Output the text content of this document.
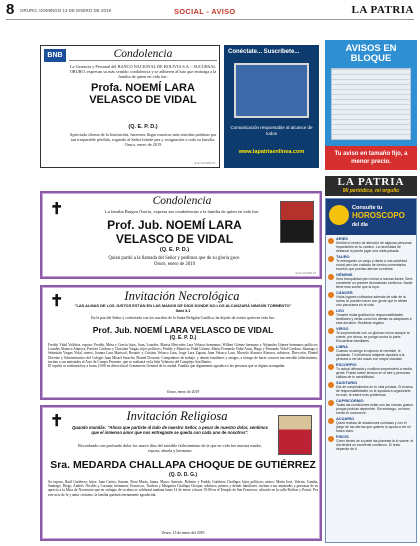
8 ORURO, DOMINGO 13 DE ENERO DE 2019	SOCIAL - AVISO	LA PATRIA
BNB	Condolencia
La Gerencia y Personal del BANCO NACIONAL DE BOLIVIA S.A. - SUCURSAL ORURO, expresan su más sentido condolencia y se adhieren al luto que embarga a la familia de quien en vida fue:
Profa. NOEMÍ LARA
VELASCO DE VIDAL
(Q. E. P. D.)
Apreciada clienta de la Institución, hacemos llegar nuestras más sentidas palabras por tan irreparable pérdida, rogando al Señor brinde paz y resignación a toda su familia.
Oruro, enero de 2019
E-97-W-008-73
Conéctate... Suscríbete...
Comunicación responsable al alcance de todos
www.lapatriaenlinea.com
AVISOS EN BLOQUE
Tu aviso en tamaño fijo, a menor precio.
LA PATRIA
Mi periódico, mi orgullo
Consulte tu
HOROSCOPO
del día
ARIES
Sentirá el centro de atención de algunas personas importantes en tu camino. La necesidad de destacar lo puede jugar una mala pasada.
TAURO
Te entregarán un cargo y darás a una actividad social pero tan cuidado de ciertos comentarios escritos que puedan afectar tu estima.
GÉMINIS
Será tranquilidad pero tomar a nuevas llaves. Será someterte un ponerte demostrado sentimos. Nadie tiene más suerte que la tuya.
CÁNCER
Vistía lugares cultivados además de salir de la rutina, te pueden hacer con gente que te afecte otro panorama en la vida.
LEO
Tomarte estas gratitud los responsabilidades familiares y verás como los demás se adaptarán a esta decisión. Recibirás regalos.
VIRGO
Te sorprenderás con un glorioso tonos aunque la suerte, por ahora, se ponga contra tu parte. Encuentran familiares.
LIBRA
Cuando un amigo en apuros te necesite, le ayudarás. Tu influencia relajante ayudará a la persona a ver las cosas con mayor claridad.
ESCORPIO
Tu actual ultimada y conflicto sorprenderá a media gente. Puede haber tensión en el aire y personas cálidas de tu sensibilidad.
SAGITARIO
Día de cumplimientos en tu vida privada. El exceso de responsabilidades no te ayudará a organizarte, es más, te traerá más problemas.
CAPRICORNIO
Todas las condiciones están con las nuevas gustos porque podrías deprimirte. Sin embargo, un buen medio te conmueve.
ACUARIO
Quizá recibas de situaciones confusas y con el juego de las sierras que quieres lo ayuda a ver mi futuro claro.
PISCIS
Como tienes de tu parte las planetas la lo suerte, el día tendrá un excelente comienzo. El resto depende de ti.
✝	Condolencia
La familia Burgoa Osorio, expresa sus condolencias a la familia de quien en vida fue:
Prof. Jub. NOEMÍ LARA
VELASCO DE VIDAL
(Q. E. P. D.)
Quien partió a la llamada del Señor y pedimos que de su gloria goce.
Oruro, enero de 2019
E-97-W-008-72
✝	Invitación Necrológica
"LAS ALMAS DE LOS JUSTOS ESTÁN EN LAS MANOS DE DIOS DONDE NO LOS ALCANZARÁ NINGÚN TORMENTO" Sabi 3.1
En la paz del Señor y confortada con los auxilios de la Santa Religión Católica, ha dejado de existir quien en vida fue:
Prof. Jub. NOEMÍ LARA VELASCO DE VIDAL
(Q. E. P. D.)
Freddy Vidal Valdivia, esposo; Freddy, Mirta y Grecia hijos, Joan, Lourdes, Marisa Mercedes Lara Velasco hermanos; Wilbert Gómez hermano y Alejandro Gómez hermanos políticos; Lourdes Alanoca Alanoca, Patricia Cardozo y Christian Vargas, hijos políticos; Freddy y Mauricio Vidal Gómez, Mario Fernando Vidal Arias, Hugo y Fernando Vidal Cardozo, Santiago y Sebastián Vargas Vidal, nietos; Joanna Lara Mariscal, Rosario y Cristina Velasco Lara, Jorge Lara Zapata, Juan Velasco Lara, Marcela Alanoca Alanoca, sobrinos; Dirección, Plantel Docente y Administrativo del Colegio Juan Misael Saracho, Plantel Docente, Compañeros de trabajo, y demás familiares y amigos, a tiempo de hacer conocer tan sensible fallecimiento, invitan a sus amistades al Acto de Cuerpo Presente, que se realizará en la Sala Velatoria del Complejo San Benito.
El sepelio se realizará hoy a horas 10:00 en dirección al Cementerio General de la ciudad. Familia que dignamente agradece a las personas que se dignen acompañar.
Oruro, enero de 2019
✝	Invitación Religiosa
Quando mandás: "Ahora que partiste al lado de nuestro Señor, a pesar de nuestro dolor, sentimos que el inmenso amor que nos entregaste se queda con cada uno de nosotros".
Recordando con profundo dolor los nueve días del sensible fallecimiento de la que en vida fue nuestra madre, esposa, abuela y hermana:
Sra. MEDARDA CHALLAPA CHOQUE DE GUTIÉRREZ
(Q. D. D. G.)
Su esposo, Raúl Gutiérrez; hijos: Juan Carlos, Susana, Rosa María, Juana, Marco Antonio, Roberto y Freddy Gutiérrez Challapa; hijos políticos; nietos: María José, Valeria, Camila, Santiago, Diego, Andrés, Nicolás y Luciana; hermanos: Francisco, Teodora y Margarita Challapa Choque; sobrinos, primos y demás familiares, invitan a sus amistades y personas de su aprecio a la Misa de Novenario que en sufragio de su alma se celebrará mañana lunes 14 de enero a horas 19:00 en el Templo de San Francisco, ubicado en la calle Bolívar y Potosí. Por este acto de fe y amor cristiano, la familia quedará eternamente agradecida.
Oruro, 13 de enero del 2019
